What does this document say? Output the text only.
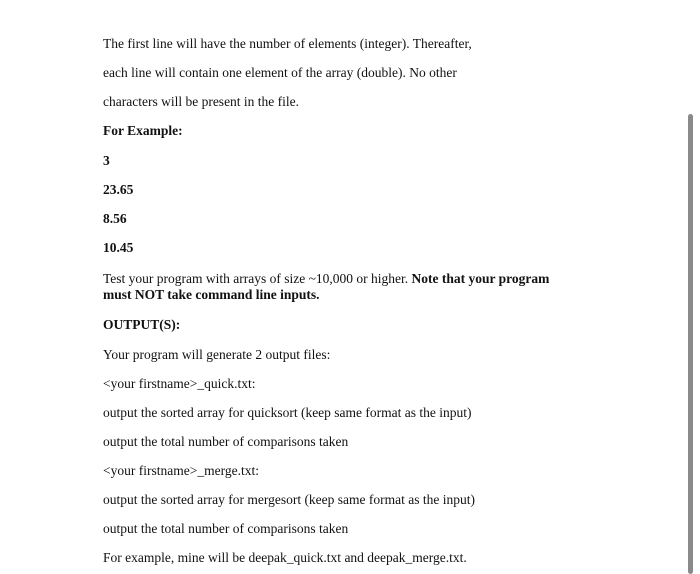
The first line will have the number of elements (integer). Thereafter,
each line will contain one element of the array (double). No other
characters will be present in the file.
For Example:
3
23.65
8.56
10.45
Test your program with arrays of size ~10,000 or higher. Note that your program
must NOT take command line inputs.
OUTPUT(S):
Your program will generate 2 output files:
<your firstname>_quick.txt:
output the sorted array for quicksort (keep same format as the input)
output the total number of comparisons taken
<your firstname>_merge.txt:
output the sorted array for mergesort (keep same format as the input)
output the total number of comparisons taken
For example, mine will be deepak_quick.txt and deepak_merge.txt.
